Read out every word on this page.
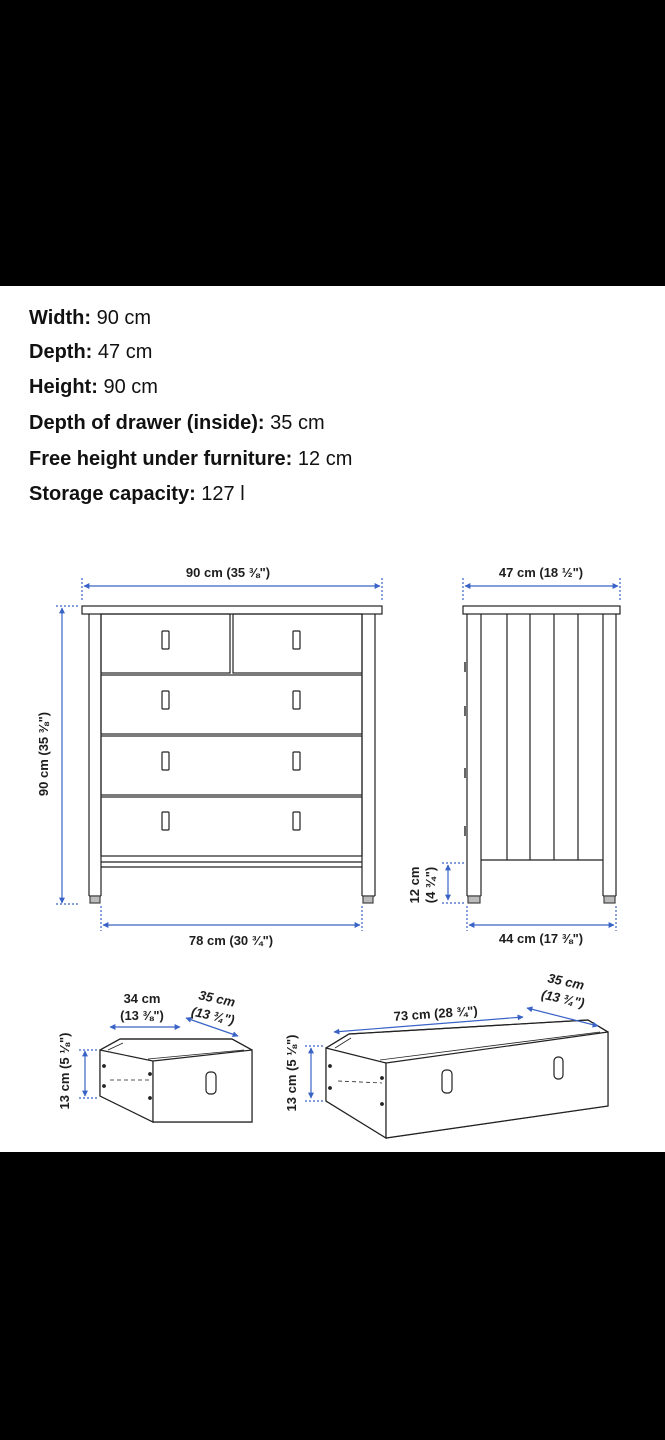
Width: 90 cm
Depth: 47 cm
Height: 90 cm
Depth of drawer (inside): 35 cm
Free height under furniture: 12 cm
Storage capacity: 127 l
90 cm (35 ⅜")
90 cm (35 ⅜")
78 cm (30 ¾")
47 cm (18 ½")
44 cm (17 ⅜")
12 cm (4 ¾")
34 cm
(13 ⅜")
35 cm
(13 ¾")
13 cm (5 ⅛")
73 cm (28 ¾")
35 cm
(13 ¾")
13 cm (5 ⅛")
